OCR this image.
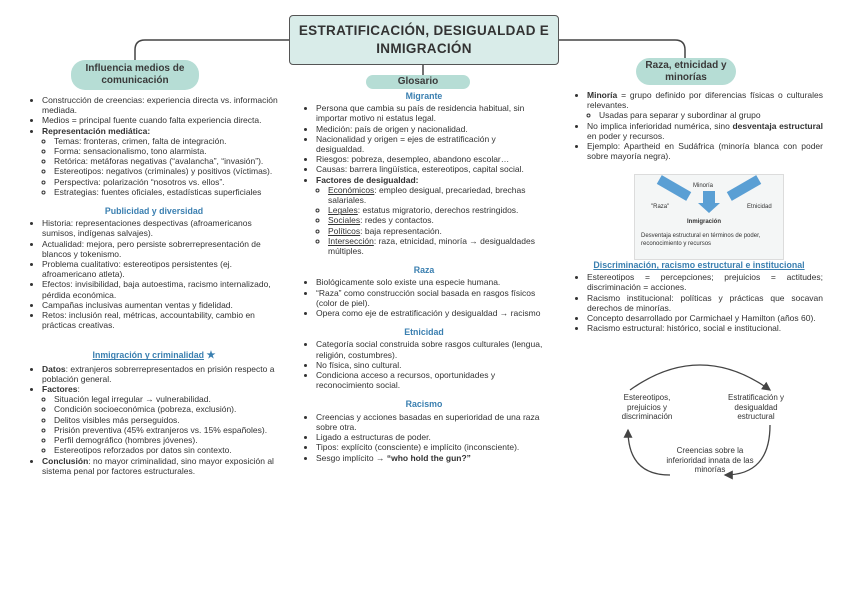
ESTRATIFICACIÓN, DESIGUALDAD E
INMIGRACIÓN
Influencia medios de
comunicación	Glosario
Raza, etnicidad y
minorías
• Construcción de creencias: experiencia directa vs. información mediada.
• Medios = principal fuente cuando falta experiencia directa.
• Representación mediática:
◦ Temas: fronteras, crimen, falta de integración.
◦ Forma: sensacionalismo, tono alarmista.
◦ Retórica: metáforas negativas (“avalancha”, “invasión”).
◦ Estereotipos: negativos (criminales) y positivos (víctimas).
◦ Perspectiva: polarización “nosotros vs. ellos”.
◦ Estrategias: fuentes oficiales, estadísticas superficiales
Publicidad y diversidad
• Historia: representaciones despectivas (afroamericanos sumisos, indígenas salvajes).
• Actualidad: mejora, pero persiste sobrerrepresentación de blancos y tokenismo.
• Problema cualitativo: estereotipos persistentes (ej. afroamericano atleta).
• Efectos: invisibilidad, baja autoestima, racismo internalizado, pérdida económica.
• Campañas inclusivas aumentan ventas y fidelidad.
• Retos: inclusión real, métricas, accountability, cambio en prácticas creativas.
Inmigración y criminalidad ★
• Datos: extranjeros sobrerrepresentados en prisión respecto a población general.
• Factores:
◦ Situación legal irregular → vulnerabilidad.
◦ Condición socioeconómica (pobreza, exclusión).
◦ Delitos visibles más perseguidos.
◦ Prisión preventiva (45% extranjeros vs. 15% españoles).
◦ Perfil demográfico (hombres jóvenes).
◦ Estereotipos reforzados por datos sin contexto.
• Conclusión: no mayor criminalidad, sino mayor exposición al sistema penal por factores estructurales.
Migrante
• Persona que cambia su país de residencia habitual, sin importar motivo ni estatus legal.
• Medición: país de origen y nacionalidad.
• Nacionalidad y origen = ejes de estratificación y desigualdad.
• Riesgos: pobreza, desempleo, abandono escolar…
• Causas: barrera lingüística, estereotipos, capital social.
• Factores de desigualdad:
◦ Económicos: empleo desigual, precariedad, brechas salariales.
◦ Legales: estatus migratorio, derechos restringidos.
◦ Sociales: redes y contactos.
◦ Políticos: baja representación.
◦ Intersección: raza, etnicidad, minoría → desigualdades múltiples.
Raza
• Biológicamente solo existe una especie humana.
• “Raza” como construcción social basada en rasgos físicos (color de piel).
• Opera como eje de estratificación y desigualdad → racismo
Etnicidad
• Categoría social construida sobre rasgos culturales (lengua, religión, costumbres).
• No física, sino cultural.
• Condiciona acceso a recursos, oportunidades y reconocimiento social.
Racismo
• Creencias y acciones basadas en superioridad de una raza sobre otra.
• Ligado a estructuras de poder.
• Tipos: explícito (consciente) e implícito (inconsciente).
• Sesgo implícito → “who hold the gun?”
• Minoría = grupo definido por diferencias físicas o culturales relevantes.
◦ Usadas para separar y subordinar al grupo
• No implica inferioridad numérica, sino desventaja estructural en poder y recursos.
• Ejemplo: Apartheid en Sudáfrica (minoría blanca con poder sobre mayoría negra).
Minoría
"Raza"	Etnicidad
Inmigración
Desventaja estructural en términos de poder,
reconocimiento y recursos
Discriminación, racismo estructural e institucional
• Estereotipos = percepciones; prejuicios = actitudes; discriminación = acciones.
• Racismo institucional: políticas y prácticas que socavan derechos de minorías.
• Concepto desarrollado por Carmichael y Hamilton (años 60).
• Racismo estructural: histórico, social e institucional.
Estereotipos, prejuicios y discriminación
Estratificación y desigualdad estructural
Creencias sobre la inferioridad innata de las minorías
